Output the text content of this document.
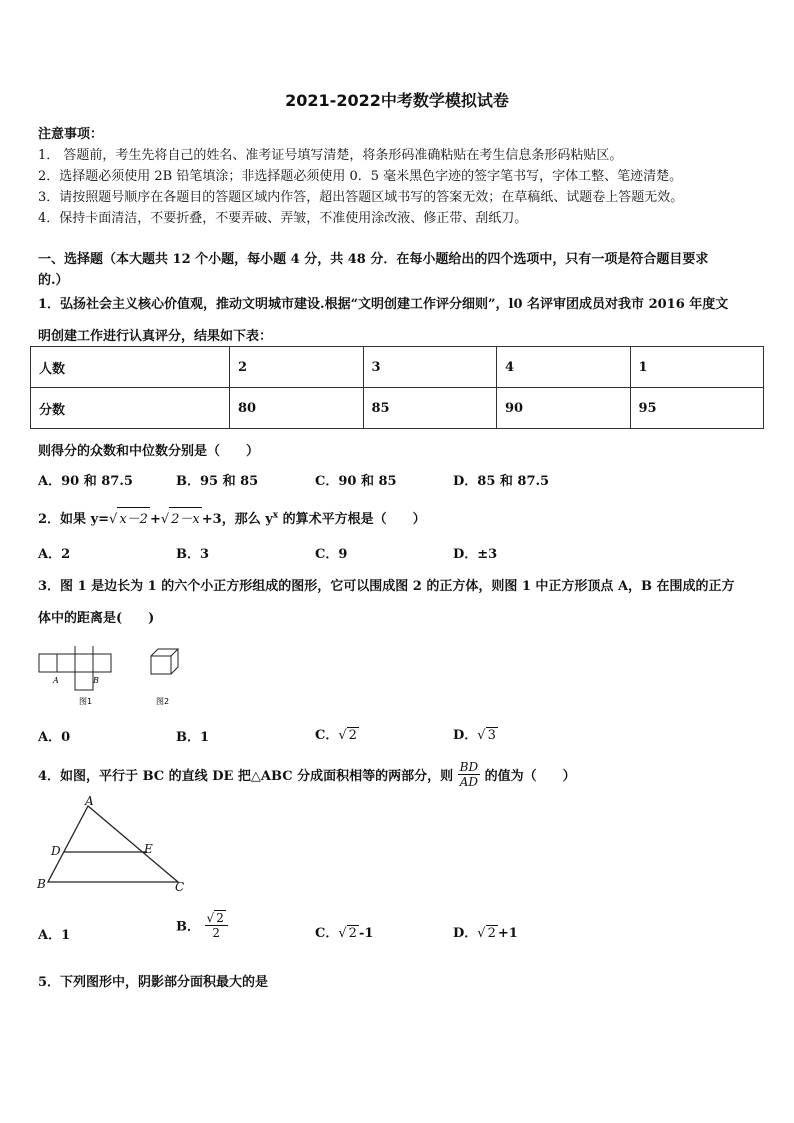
2021-2022中考数学模拟试卷
注意事项：
1． 答题前，考生先将自己的姓名、准考证号填写清楚，将条形码准确粘贴在考生信息条形码粘贴区。
2．选择题必须使用 2B 铅笔填涂；非选择题必须使用 0．5 毫米黑色字迹的签字笔书写，字体工整、笔迹清楚。
3．请按照题号顺序在各题目的答题区域内作答，超出答题区域书写的答案无效；在草稿纸、试题卷上答题无效。
4．保持卡面清洁，不要折叠，不要弄破、弄皱，不准使用涂改液、修正带、刮纸刀。
一、选择题（本大题共 12 个小题，每小题 4 分，共 48 分．在每小题给出的四个选项中，只有一项是符合题目要求
的.）
1．弘扬社会主义核心价值观，推动文明城市建设.根据“文明创建工作评分细则”，l0 名评审团成员对我市 2016 年度文
明创建工作进行认真评分，结果如下表：
人数	2	3	4	1
分数	80	85	90	95
则得分的众数和中位数分别是（　　）
A．90 和 87.5	B．95 和 85	C．90 和 85	D．85 和 87.5
2．如果 y=√ x－2 +√ 2－x +3，那么 $y^x$ 的算术平方根是（　　）
A．2	B．3	C．9	D．±3
3．图 1 是边长为 1 的六个小正方形组成的图形，它可以围成图 2 的正方体，则图 1 中正方形顶点 A，B 在围成的正方
体中的距离是(　　)
A	B
图1	图2
A．0	B．1	C．√ 2	D．√ 3
4．如图，平行于 BC 的直线 DE 把△ABC 分成面积相等的两部分，则 $\frac{BD}{AD}$ 的值为（　　）
A
D	E
B	C
A．1
B． $\frac{√ 2}{2}$	C．√ 2 -1	D．√ 2 +1
5．下列图形中，阴影部分面积最大的是
